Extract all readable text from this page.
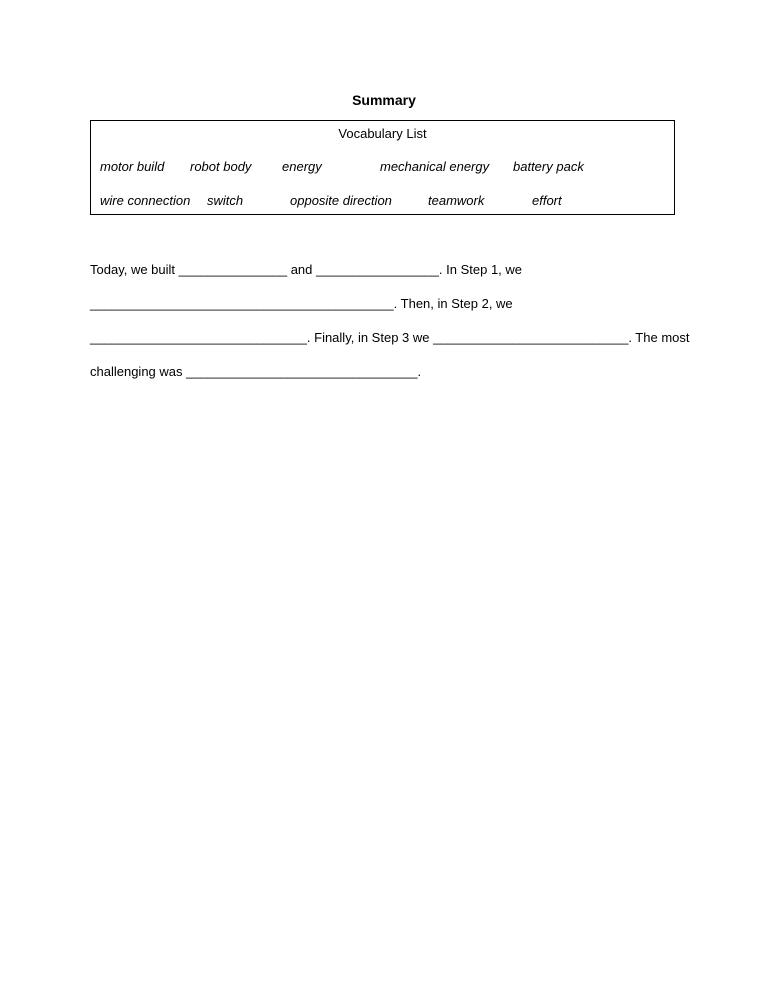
Summary
Vocabulary List
motor build robot body energy	mechanical energy battery pack
wire connection switch	opposite direction	teamwork	effort
Today, we built _______________ and _________________. In Step 1, we
__________________________________________. Then, in Step 2, we
______________________________. Finally, in Step 3 we ___________________________. The most
challenging was ________________________________.
